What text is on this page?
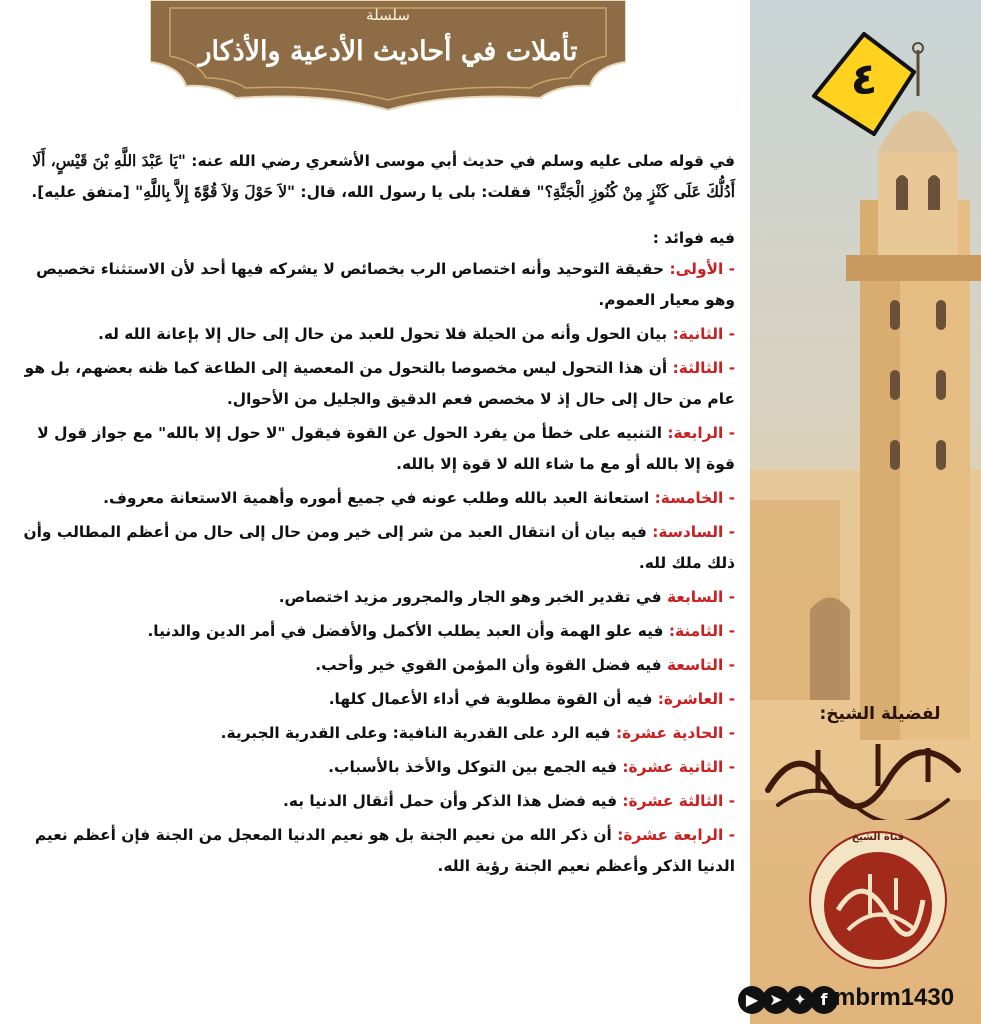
سلسلة
تأملات في أحاديث الأدعية والأذكار

في قوله صلى عليه وسلم في حديث أبي موسى الأشعري رضي الله عنه: "يَا عَبْدَ اللَّهِ بْنَ قَيْسٍ، أَلَا أَدُلُّكَ عَلَى كَنْزٍ مِنْ كُنُوزِ الْجَنَّةِ؟" فقلت: بلى يا رسول الله، قال: "لاَ حَوْلَ وَلاَ قُوَّةَ إِلاَّ بِاللَّهِ" [متفق عليه].

فيه فوائد :

- الأولى: حقيقة التوحيد وأنه اختصاص الرب بخصائص لا يشركه فيها أحد لأن الاستثناء تخصيص وهو معيار العموم.

- الثانية: بيان الحول وأنه من الحيلة فلا تحول للعبد من حال إلى حال إلا بإعانة الله له.

- الثالثة: أن هذا التحول ليس مخصوصا بالتحول من المعصية إلى الطاعة كما ظنه بعضهم، بل هو عام من حال إلى حال إذ لا مخصص فعم الدقيق والجليل من الأحوال.

- الرابعة: التنبيه على خطأ من يفرد الحول عن القوة فيقول "لا حول إلا بالله" مع جواز قول لا قوة إلا بالله أو مع ما شاء الله لا قوة إلا بالله.

- الخامسة: استعانة العبد بالله وطلب عونه في جميع أموره وأهمية الاستعانة معروف.

- السادسة: فيه بيان أن انتقال العبد من شر إلى خير ومن حال إلى حال من أعظم المطالب وأن ذلك ملك لله.

- السابعة في تقدير الخبر وهو الجار والمجرور مزيد اختصاص.

- الثامنة: فيه علو الهمة وأن العبد يطلب الأكمل والأفضل في أمر الدين والدنيا.

- التاسعة فيه فضل القوة وأن المؤمن القوي خير وأحب.

- العاشرة: فيه أن القوة مطلوبة في أداء الأعمال كلها.

- الحادية عشرة: فيه الرد على القدرية النافية: وعلى القدرية الجبرية.

- الثانية عشرة: فيه الجمع بين التوكل والأخذ بالأسباب.

- الثالثة عشرة: فيه فضل هذا الذكر وأن حمل أثقال الدنيا به.

- الرابعة عشرة: أن ذكر الله من نعيم الجنة بل هو نعيم الدنيا المعجل من الجنة فإن أعظم نعيم الدنيا الذكر وأعظم نعيم الجنة رؤية الله.

٤
لفضيلة الشيخ:
قناة الشيخ
▶ ➤ ✦ f mbrm1430
